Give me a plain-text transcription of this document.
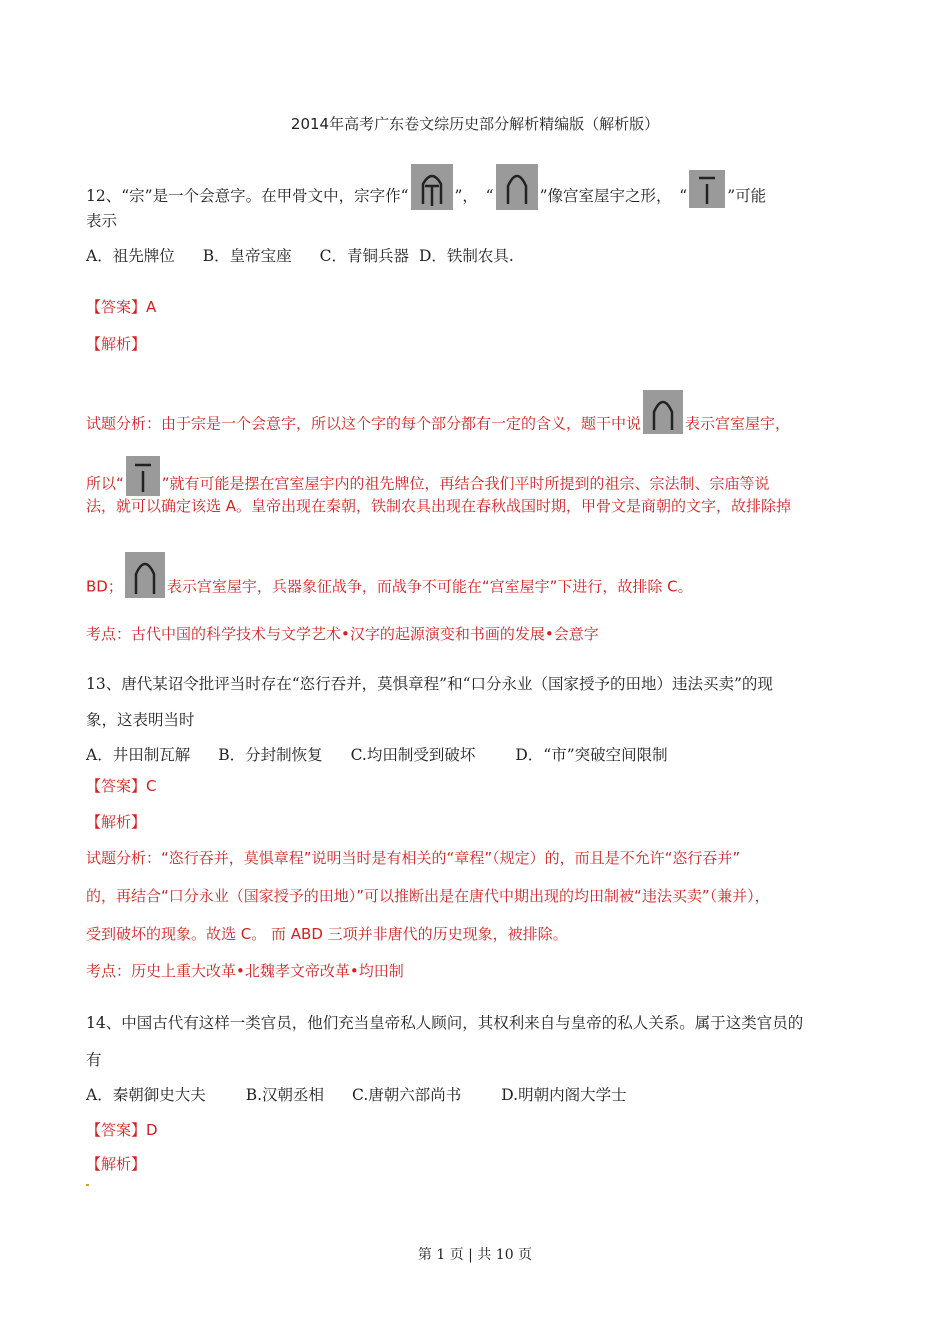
2014年高考广东卷文综历史部分解析精编版（解析版）
12、“宗”是一个会意字。在甲骨文中，宗字作“	”，　“	”像宫室屋宇之形，　“	”可能
表示
A．祖先牌位 B．皇帝宝座 C．青铜兵器 D．铁制农具.
【答案】A
【解析】
试题分析：由于宗是一个会意字，所以这个字的每个部分都有一定的含义，题干中说	表示宫室屋宇，
所以“	”就有可能是摆在宫室屋宇内的祖先牌位，再结合我们平时所提到的祖宗、宗法制、宗庙等说
法，就可以确定该选 A。皇帝出现在秦朝，铁制农具出现在春秋战国时期，甲骨文是商朝的文字，故排除掉
BD；	表示宫室屋宇，兵器象征战争，而战争不可能在“宫室屋宇”下进行，故排除 C。
考点：古代中国的科学技术与文学艺术•汉字的起源演变和书画的发展•会意字
13、唐代某诏令批评当时存在“恣行吞并，莫惧章程”和“口分永业（国家授予的田地）违法买卖”的现
象，这表明当时
A．井田制瓦解 B．分封制恢复 C.均田制受到破坏	D．“市”突破空间限制
【答案】C
【解析】
试题分析：“恣行吞并，莫惧章程”说明当时是有相关的“章程”（规定）的，而且是不允许“恣行吞并”
的，再结合“口分永业（国家授予的田地）”可以推断出是在唐代中期出现的均田制被“违法买卖”（兼并），
受到破坏的现象。故选 C。 而 ABD 三项并非唐代的历史现象，被排除。
考点：历史上重大改革•北魏孝文帝改革•均田制
14、中国古代有这样一类官员，他们充当皇帝私人顾问，其权利来自与皇帝的私人关系。属于这类官员的
有
A．秦朝御史大夫	B.汉朝丞相 C.唐朝六部尚书	D.明朝内阁大学士
【答案】D
【解析】
第 1 页 | 共 10 页
